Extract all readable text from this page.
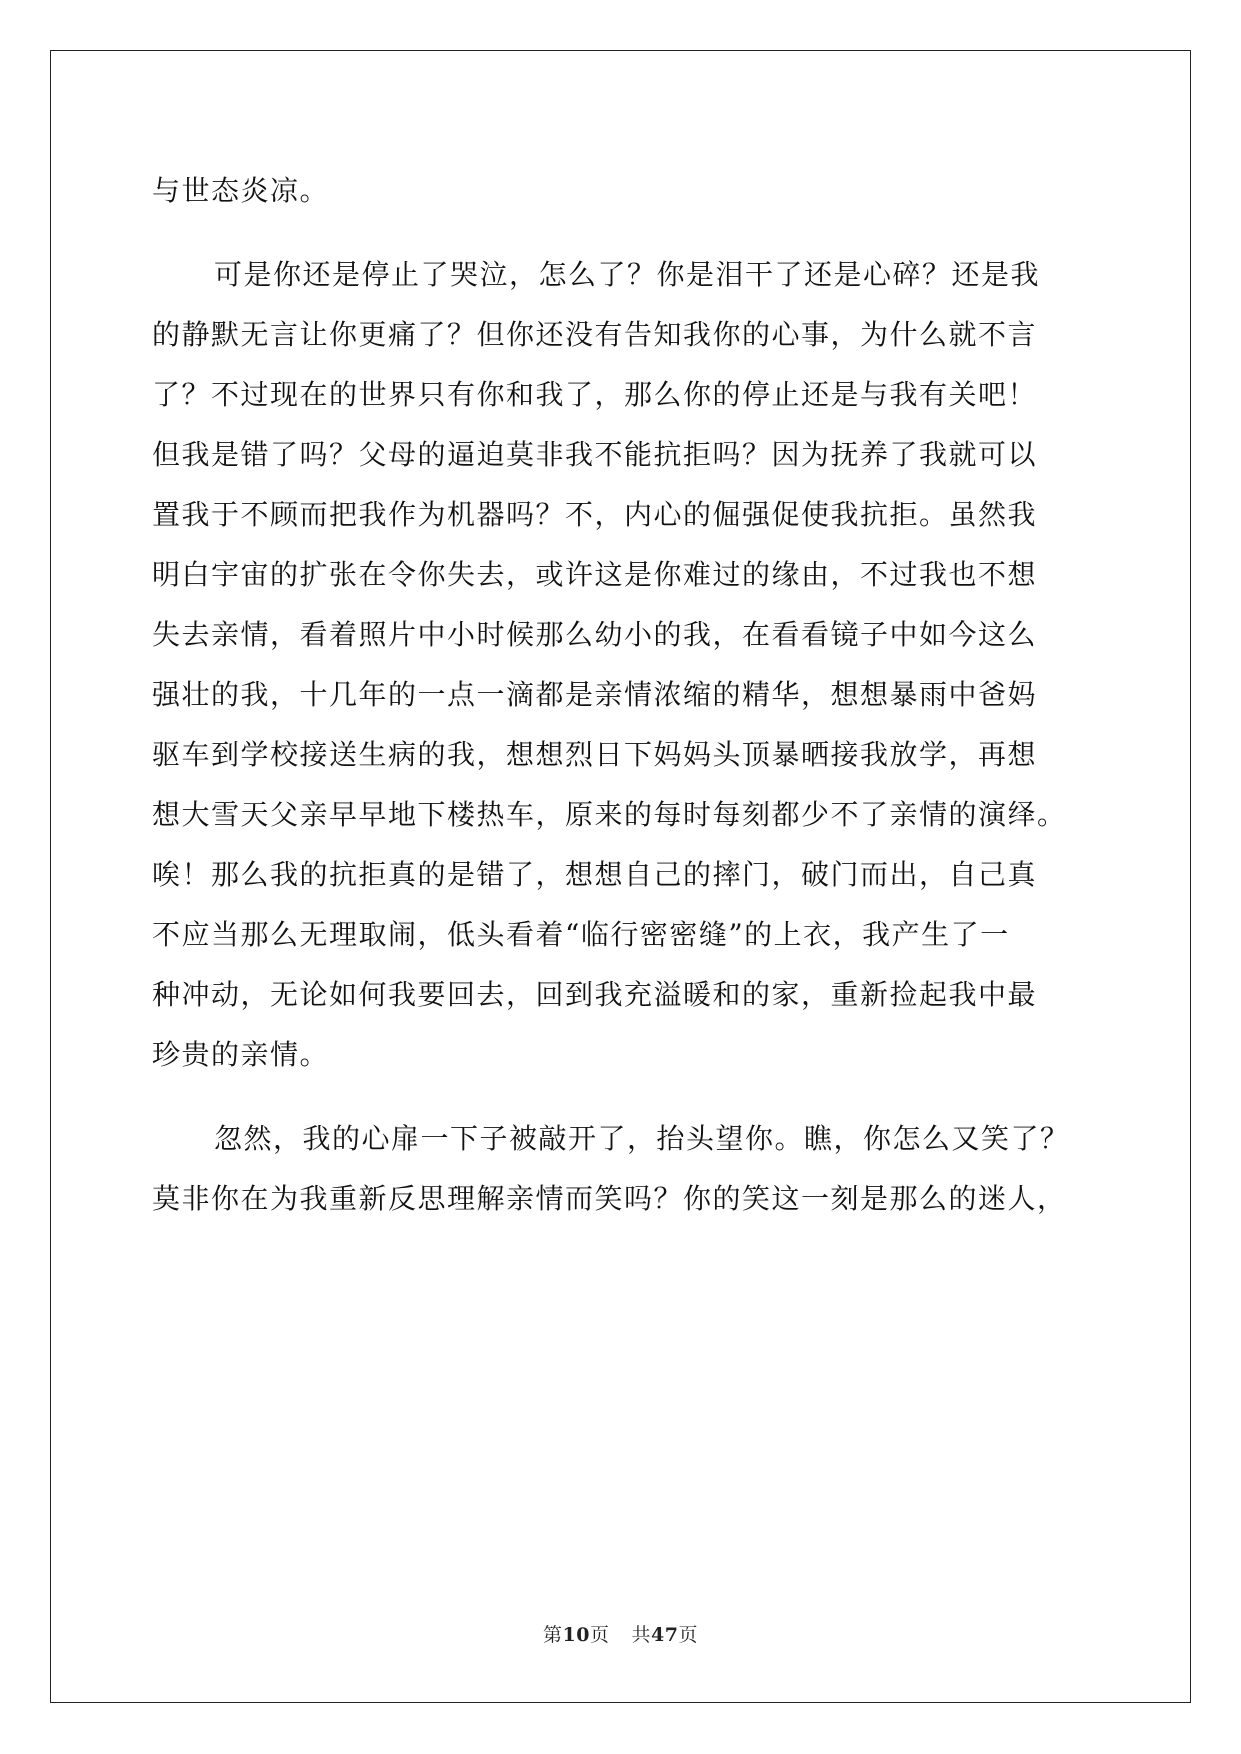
与世态炎凉。
可是你还是停止了哭泣，怎么了？你是泪干了还是心碎？还是我
的静默无言让你更痛了？但你还没有告知我你的心事，为什么就不言
了？不过现在的世界只有你和我了，那么你的停止还是与我有关吧！
但我是错了吗？父母的逼迫莫非我不能抗拒吗？因为抚养了我就可以
置我于不顾而把我作为机器吗？不，内心的倔强促使我抗拒。虽然我
明白宇宙的扩张在令你失去，或许这是你难过的缘由，不过我也不想
失去亲情，看着照片中小时候那么幼小的我，在看看镜子中如今这么
强壮的我，十几年的一点一滴都是亲情浓缩的精华，想想暴雨中爸妈
驱车到学校接送生病的我，想想烈日下妈妈头顶暴晒接我放学，再想
想大雪天父亲早早地下楼热车，原来的每时每刻都少不了亲情的演绎。
唉！那么我的抗拒真的是错了，想想自己的摔门，破门而出，自己真
不应当那么无理取闹，低头看着“临行密密缝”的上衣，我产生了一
种冲动，无论如何我要回去，回到我充溢暖和的家，重新捡起我中最
珍贵的亲情。
忽然，我的心扉一下子被敲开了，抬头望你。瞧，你怎么又笑了？
莫非你在为我重新反思理解亲情而笑吗？你的笑这一刻是那么的迷人，
第10页 共47页
